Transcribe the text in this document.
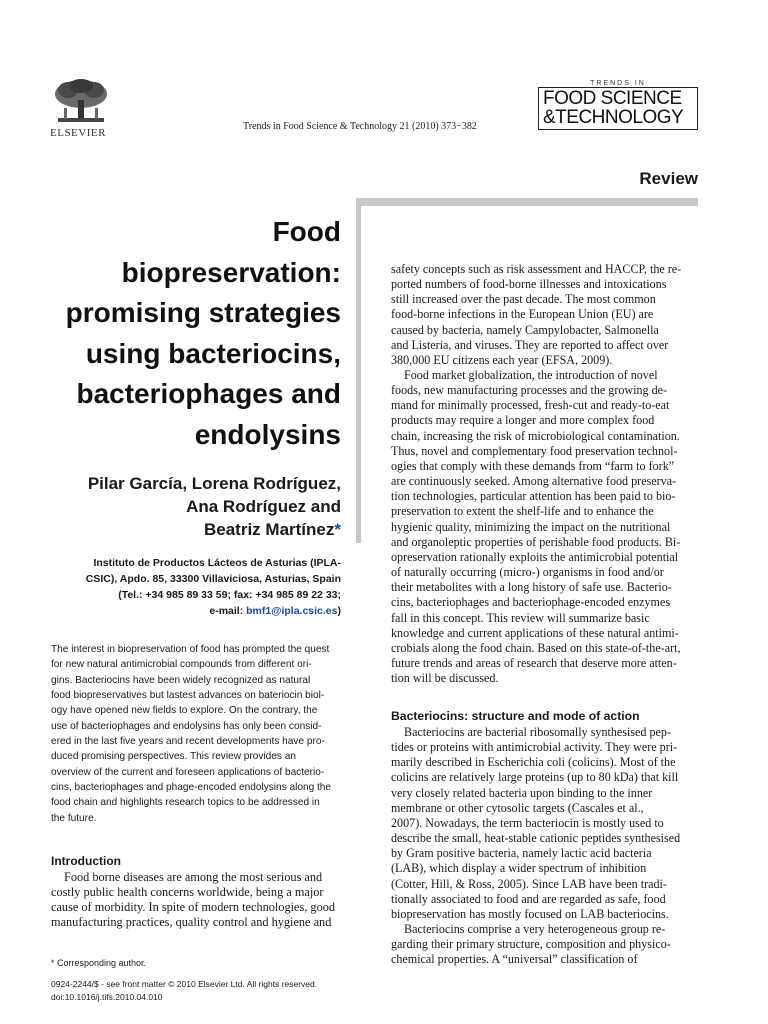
ELSEVIER
Trends in Food Science & Technology 21 (2010) 373−382
TRENDS IN
FOOD SCIENCE
&TECHNOLOGY
Review
Food
biopreservation:
promising strategies
using bacteriocins,
bacteriophages and
endolysins
Pilar García, Lorena Rodríguez,
Ana Rodríguez and
Beatriz Martínez*
Instituto de Productos Lácteos de Asturias (IPLA-
CSIC), Apdo. 85, 33300 Villaviciosa, Asturias, Spain
(Tel.: +34 985 89 33 59; fax: +34 985 89 22 33;
e-mail: bmf1@ipla.csic.es)
The interest in biopreservation of food has prompted the quest
for new natural antimicrobial compounds from different ori-
gins. Bacteriocins have been widely recognized as natural
food biopreservatives but lastest advances on bateriocin biol-
ogy have opened new fields to explore. On the contrary, the
use of bacteriophages and endolysins has only been consid-
ered in the last five years and recent developments have pro-
duced promising perspectives. This review provides an
overview of the current and foreseen applications of bacterio-
cins, bacteriophages and phage-encoded endolysins along the
food chain and highlights research topics to be addressed in
the future.
Introduction
Food borne diseases are among the most serious and
costly public health concerns worldwide, being a major
cause of morbidity. In spite of modern technologies, good
manufacturing practices, quality control and hygiene and
* Corresponding author.
0924-2244/$ - see front matter © 2010 Elsevier Ltd. All rights reserved.
doi:10.1016/j.tifs.2010.04.010
safety concepts such as risk assessment and HACCP, the re-
ported numbers of food-borne illnesses and intoxications
still increased over the past decade. The most common
food-borne infections in the European Union (EU) are
caused by bacteria, namely Campylobacter, Salmonella
and Listeria, and viruses. They are reported to affect over
380,000 EU citizens each year (EFSA, 2009).
Food market globalization, the introduction of novel
foods, new manufacturing processes and the growing de-
mand for minimally processed, fresh-cut and ready-to-eat
products may require a longer and more complex food
chain, increasing the risk of microbiological contamination.
Thus, novel and complementary food preservation technol-
ogies that comply with these demands from “farm to fork”
are continuously seeked. Among alternative food preserva-
tion technologies, particular attention has been paid to bio-
preservation to extent the shelf-life and to enhance the
hygienic quality, minimizing the impact on the nutritional
and organoleptic properties of perishable food products. Bi-
opreservation rationally exploits the antimicrobial potential
of naturally occurring (micro-) organisms in food and/or
their metabolites with a long history of safe use. Bacterio-
cins, bacteriophages and bacteriophage-encoded enzymes
fall in this concept. This review will summarize basic
knowledge and current applications of these natural antimi-
crobials along the food chain. Based on this state-of-the-art,
future trends and areas of research that deserve more atten-
tion will be discussed.
Bacteriocins: structure and mode of action
Bacteriocins are bacterial ribosomally synthesised pep-
tides or proteins with antimicrobial activity. They were pri-
marily described in Escherichia coli (colicins). Most of the
colicins are relatively large proteins (up to 80 kDa) that kill
very closely related bacteria upon binding to the inner
membrane or other cytosolic targets (Cascales et al.,
2007). Nowadays, the term bacteriocin is mostly used to
describe the small, heat-stable cationic peptides synthesised
by Gram positive bacteria, namely lactic acid bacteria
(LAB), which display a wider spectrum of inhibition
(Cotter, Hill, & Ross, 2005). Since LAB have been tradi-
tionally associated to food and are regarded as safe, food
biopreservation has mostly focused on LAB bacteriocins.
Bacteriocins comprise a very heterogeneous group re-
garding their primary structure, composition and physico-
chemical properties. A “universal” classification of
